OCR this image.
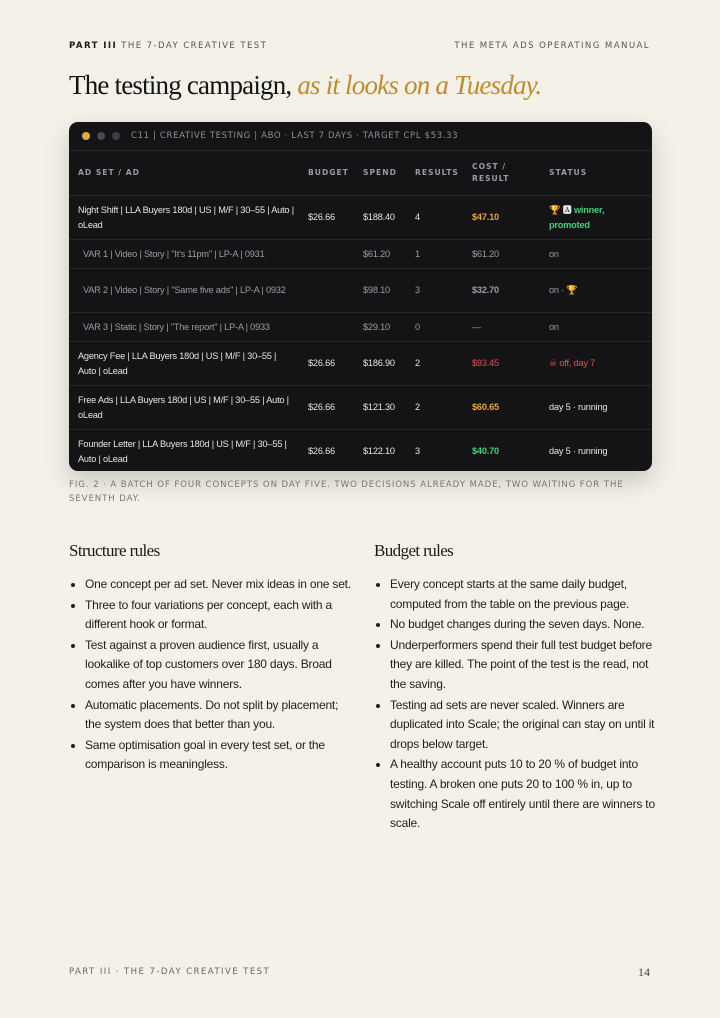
PART III THE 7-DAY CREATIVE TEST	THE META ADS OPERATING MANUAL
The testing campaign, as it looks on a Tuesday.
C11 | CREATIVE TESTING | ABO · LAST 7 DAYS · TARGET CPL $53.33
AD SET / AD	BUDGET	SPEND	RESULTS	COST / RESULT	STATUS
Night Shift | LLA Buyers 180d | US | M/F | 30–55 | Auto | oLead	$26.66	$188.40	4	$47.10	🏆 🅰 winner, promoted
VAR 1 | Video | Story | "It's 11pm" | LP-A | 0931		$61.20	1	$61.20	on
VAR 2 | Video | Story | "Same five ads" | LP-A | 0932		$98.10	3	$32.70	on · 🏆
VAR 3 | Static | Story | "The report" | LP-A | 0933		$29.10	0	—	on
Agency Fee | LLA Buyers 180d | US | M/F | 30–55 | Auto | oLead	$26.66	$186.90	2	$93.45	☠ off, day 7
Free Ads | LLA Buyers 180d | US | M/F | 30–55 | Auto | oLead	$26.66	$121.30	2	$60.65	day 5 · running
Founder Letter | LLA Buyers 180d | US | M/F | 30–55 | Auto | oLead	$26.66	$122.10	3	$40.70	day 5 · running
FIG. 2 · A BATCH OF FOUR CONCEPTS ON DAY FIVE. TWO DECISIONS ALREADY MADE, TWO WAITING FOR THE SEVENTH DAY.
Structure rules
One concept per ad set. Never mix ideas in one set.
Three to four variations per concept, each with a different hook or format.
Test against a proven audience first, usually a lookalike of top customers over 180 days. Broad comes after you have winners.
Automatic placements. Do not split by placement; the system does that better than you.
Same optimisation goal in every test set, or the comparison is meaningless.
Budget rules
Every concept starts at the same daily budget, computed from the table on the previous page.
No budget changes during the seven days. None.
Underperformers spend their full test budget before they are killed. The point of the test is the read, not the saving.
Testing ad sets are never scaled. Winners are duplicated into Scale; the original can stay on until it drops below target.
A healthy account puts 10 to 20 % of budget into testing. A broken one puts 20 to 100 % in, up to switching Scale off entirely until there are winners to scale.
PART III · THE 7-DAY CREATIVE TEST	14
